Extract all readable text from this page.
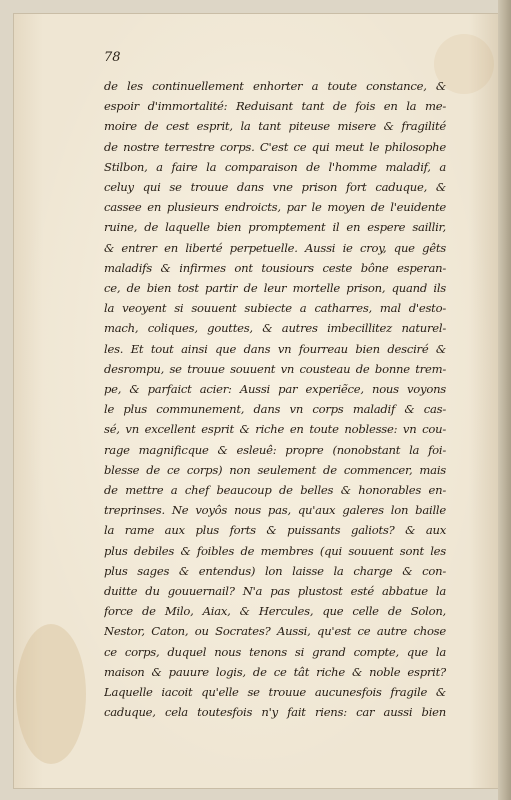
78
de les continuellement enhorter a toute constance, &
espoir d'immortalité: Reduisant tant de fois en la me-
moire de cest esprit, la tant piteuse misere & fragilité
de nostre terrestre corps. C'est ce qui meut le philosophe
Stilbon, a faire la comparaison de l'homme maladif, a
celuy qui se trouue dans vne prison fort caduque, &
cassee en plusieurs endroicts, par le moyen de l'euidente
ruine, de laquelle bien promptement il en espere saillir,
& entrer en liberté perpetuelle. Aussi ie croy, que gêts
maladifs & infirmes ont tousiours ceste bône esperan-
ce, de bien tost partir de leur mortelle prison, quand ils
la veoyent si souuent subiecte a catharres, mal d'esto-
mach, coliques, gouttes, & autres imbecillitez naturel-
les. Et tout ainsi que dans vn fourreau bien desciré &
desrompu, se trouue souuent vn cousteau de bonne trem-
pe, & parfaict acier: Aussi par experiẽce, nous voyons
le plus communement, dans vn corps maladif & cas-
sé, vn excellent esprit & riche en toute noblesse: vn cou-
rage magnificque & esleuê: propre (nonobstant la foi-
blesse de ce corps) non seulement de commencer, mais
de mettre a chef beaucoup de belles & honorables en-
treprinses. Ne voyôs nous pas, qu'aux galeres lon baille
la rame aux plus forts & puissants galiots? & aux
plus debiles & foibles de membres (qui souuent sont les
plus sages & entendus) lon laisse la charge & con-
duitte du gouuernail? N'a pas plustost esté abbatue la
force de Milo, Aiax, & Hercules, que celle de Solon,
Nestor, Caton, ou Socrates? Aussi, qu'est ce autre chose
ce corps, duquel nous tenons si grand compte, que la
maison & pauure logis, de ce tât riche & noble esprit?
Laquelle iacoit qu'elle se trouue aucunesfois fragile &
caduque, cela toutesfois n'y fait riens: car aussi bien
